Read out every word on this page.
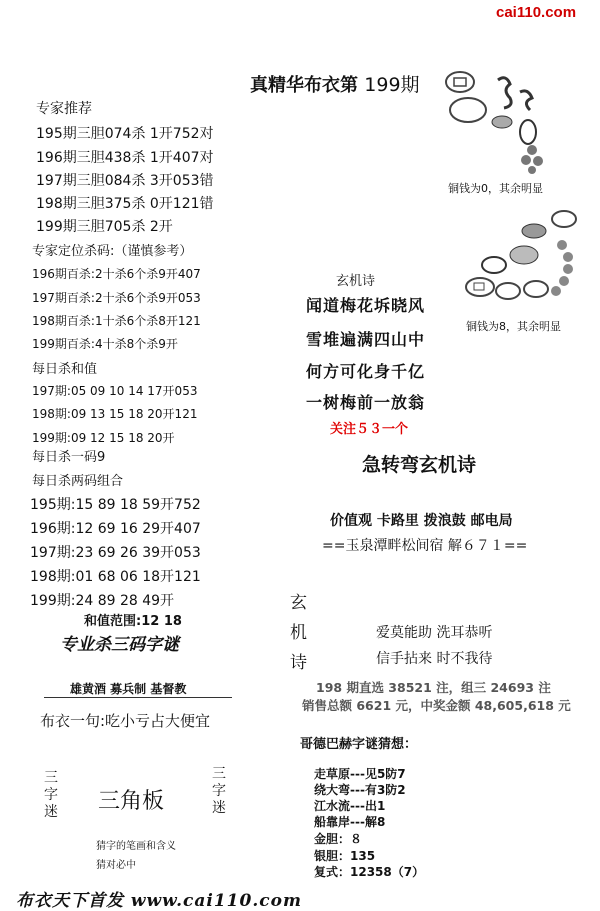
cai110.com
真精华布衣第 199期
专家推荐
195期三胆074杀 1开752对
196期三胆438杀 1开407对
197期三胆084杀 3开053错
198期三胆375杀 0开121错
199期三胆705杀 2开
专家定位杀码:（谨慎参考）
196期百杀:2十杀6个杀9开407
197期百杀:2十杀6个杀9开053
198期百杀:1十杀6个杀8开121
199期百杀:4十杀8个杀9开
每日杀和值
197期:05 09 10 14 17开053
198期:09 13 15 18 20开121
199期:09 12 15 18 20开
每日杀一码9
每日杀两码组合
195期:15 89 18 59开752
196期:12 69 16 29开407
197期:23 69 26 39开053
198期:01 68 06 18开121
199期:24 89 28 49开
和值范围:12 18
专业杀三码字谜
雄黄酒 募兵制 基督教
布衣一句:吃小亏占大便宜
三角板
猜字的笔画和含义
猜对必中
三字迷
三字迷
铜钱为0，其余明显
铜钱为8，其余明显
玄机诗
闻道梅花坼晓风
雪堆遍满四山中
何方可化身千亿
一树梅前一放翁
关注５３一个
急转弯玄机诗
价值观 卡路里 拨浪鼓 邮电局
==玉泉潭畔松间宿 解６７１==
玄机诗
爱莫能助 洗耳恭听
信手拈来 时不我待
198 期直选 38521 注，组三 24693 注
销售总额 6621 元，中奖金额 48,605,618 元
哥德巴赫字谜猜想：
走草原---见5防7
绕大弯---有3防2
江水流---出1
船靠岸---解8
金胆：８
银胆：135
复式：12358（7）
布衣天下首发 www.cai110.com
